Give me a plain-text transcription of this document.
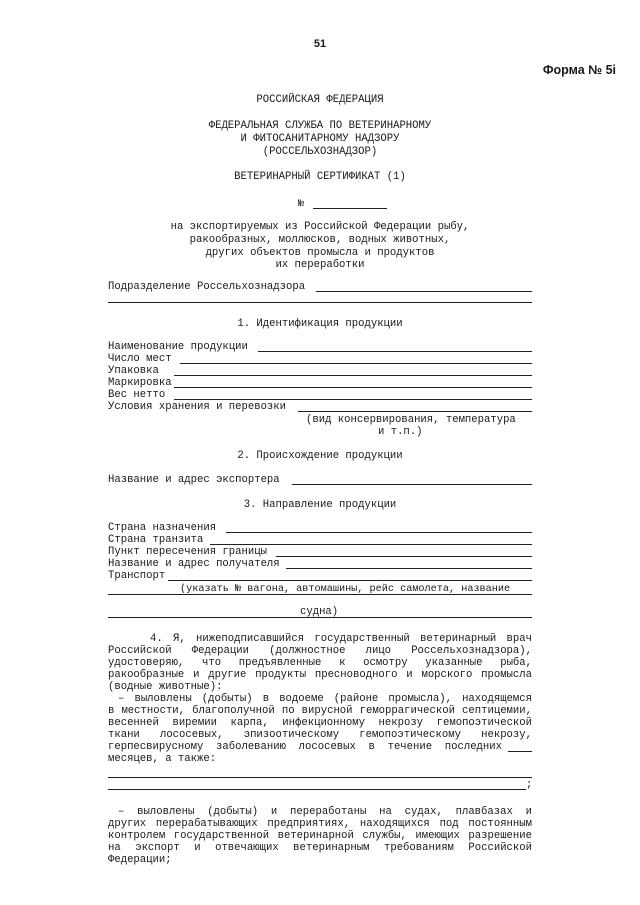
51
Форма № 5i
РОССИЙСКАЯ ФЕДЕРАЦИЯ
ФЕДЕРАЛЬНАЯ СЛУЖБА ПО ВЕТЕРИНАРНОМУ
И ФИТОСАНИТАРНОМУ НАДЗОРУ
(РОССЕЛЬХОЗНАДЗОР)
ВЕТЕРИНАРНЫЙ СЕРТИФИКАТ (1)
№
на экспортируемых из Российской Федерации рыбу,
ракообразных, моллюсков, водных животных,
других объектов промысла и продуктов
их переработки
Подразделение Россельхознадзора
1. Идентификация продукции
Наименование продукции
Число мест
Упаковка
Маркировка
Вес нетто
Условия хранения и перевозки
(вид консервирования, температура
и т.п.)
2. Происхождение продукции
Название и адрес экспортера
3. Направление продукции
Страна назначения
Страна транзита
Пункт пересечения границы
Название и адрес получателя
Транспорт
(указать № вагона, автомашины, рейс самолета, название
судна)
4. Я, нижеподписавшийся государственный ветеринарный врач
Российской Федерации (должностное лицо Россельхознадзора),
удостоверяю, что предъявленные к осмотру указанные рыба,
ракообразные и другие продукты пресноводного и морского промысла
(водные животные):
– выловлены (добыты) в водоеме (районе промысла), находящемся
в местности, благополучной по вирусной геморрагической септицемии,
весенней виремии карпа, инфекционному некрозу гемопоэтической
ткани лососевых, эпизоотическому гемопоэтическому некрозу,
герпесвирусному заболеванию лососевых в течение последних
месяцев, а также:
;
– выловлены (добыты) и переработаны на судах, плавбазах и
других перерабатывающих предприятиях, находящихся под постоянным
контролем государственной ветеринарной службы, имеющих разрешение
на экспорт и отвечающих ветеринарным требованиям Российской
Федерации;
